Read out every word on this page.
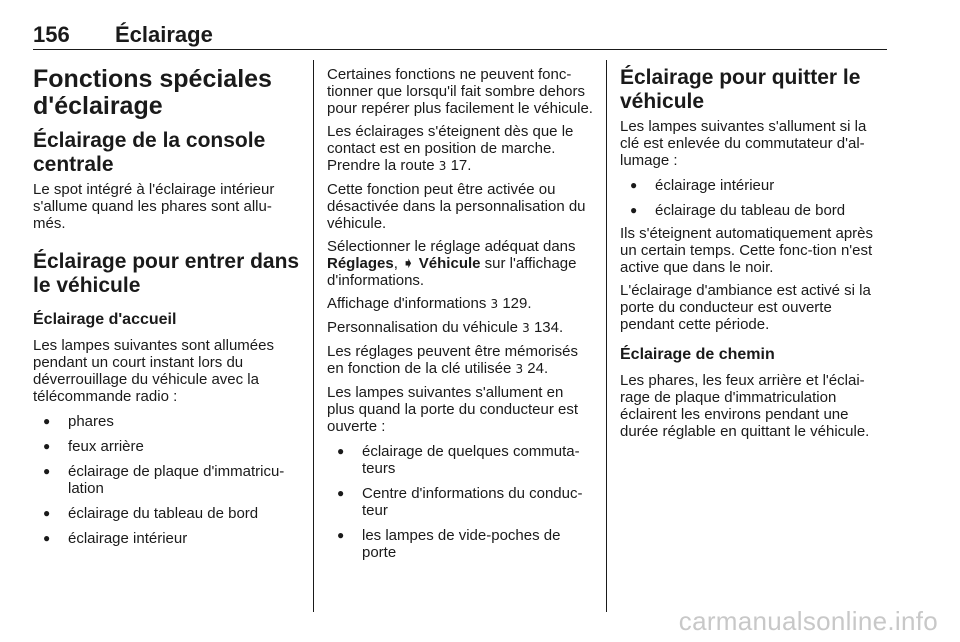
156 Éclairage
Fonctions spéciales d'éclairage
Éclairage de la console centrale

Le spot intégré à l'éclairage intérieur s'allume quand les phares sont allu-més.

Éclairage pour entrer dans le véhicule
Éclairage d'accueil

Les lampes suivantes sont allumées pendant un court instant lors du déverrouillage du véhicule avec la télécommande radio :

● phares
● feux arrière
● éclairage de plaque d'immatricu-lation
● éclairage du tableau de bord
● éclairage intérieur

Certaines fonctions ne peuvent fonc-tionner que lorsqu'il fait sombre dehors pour repérer plus facilement le véhicule.

Les éclairages s'éteignent dès que le contact est en position de marche. Prendre la route 3 17.

Cette fonction peut être activée ou désactivée dans la personnalisation du véhicule.

Sélectionner le réglage adéquat dans Réglages, ➧ Véhicule sur l'affichage d'informations.

Affichage d'informations 3 129.

Personnalisation du véhicule 3 134.

Les réglages peuvent être mémorisés en fonction de la clé utilisée 3 24.

Les lampes suivantes s'allument en plus quand la porte du conducteur est ouverte :

● éclairage de quelques commuta-teurs
● Centre d'informations du conduc-teur
● les lampes de vide-poches de porte
Éclairage pour quitter le véhicule

Les lampes suivantes s'allument si la clé est enlevée du commutateur d'al-lumage :

● éclairage intérieur
● éclairage du tableau de bord

Ils s'éteignent automatiquement après un certain temps. Cette fonc-tion n'est active que dans le noir.

L'éclairage d'ambiance est activé si la porte du conducteur est ouverte pendant cette période.

Éclairage de chemin

Les phares, les feux arrière et l'éclai-rage de plaque d'immatriculation éclairent les environs pendant une durée réglable en quittant le véhicule.

carmanualsonline.info
